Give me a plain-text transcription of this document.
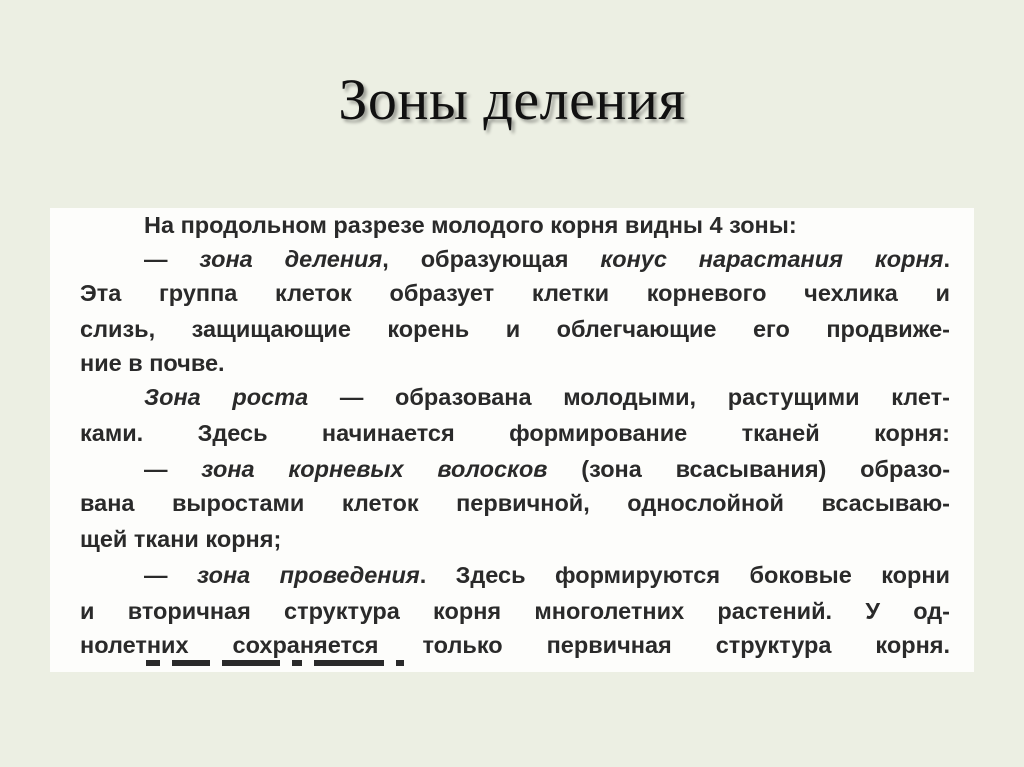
Зоны деления
На продольном разрезе молодого корня видны 4 зоны:
— зона деления, образующая конус нарастания корня.
Эта группа клеток образует клетки корневого чехлика и
слизь, защищающие корень и облегчающие его продвиже-
ние в почве.
Зона роста — образована молодыми, растущими клет-
ками. Здесь начинается формирование тканей корня:
— зона корневых волосков (зона всасывания) образо-
вана выростами клеток первичной, однослойной всасываю-
щей ткани корня;
— зона проведения. Здесь формируются боковые корни
и вторичная структура корня многолетних растений. У од-
нолетних сохраняется только первичная структура корня.
